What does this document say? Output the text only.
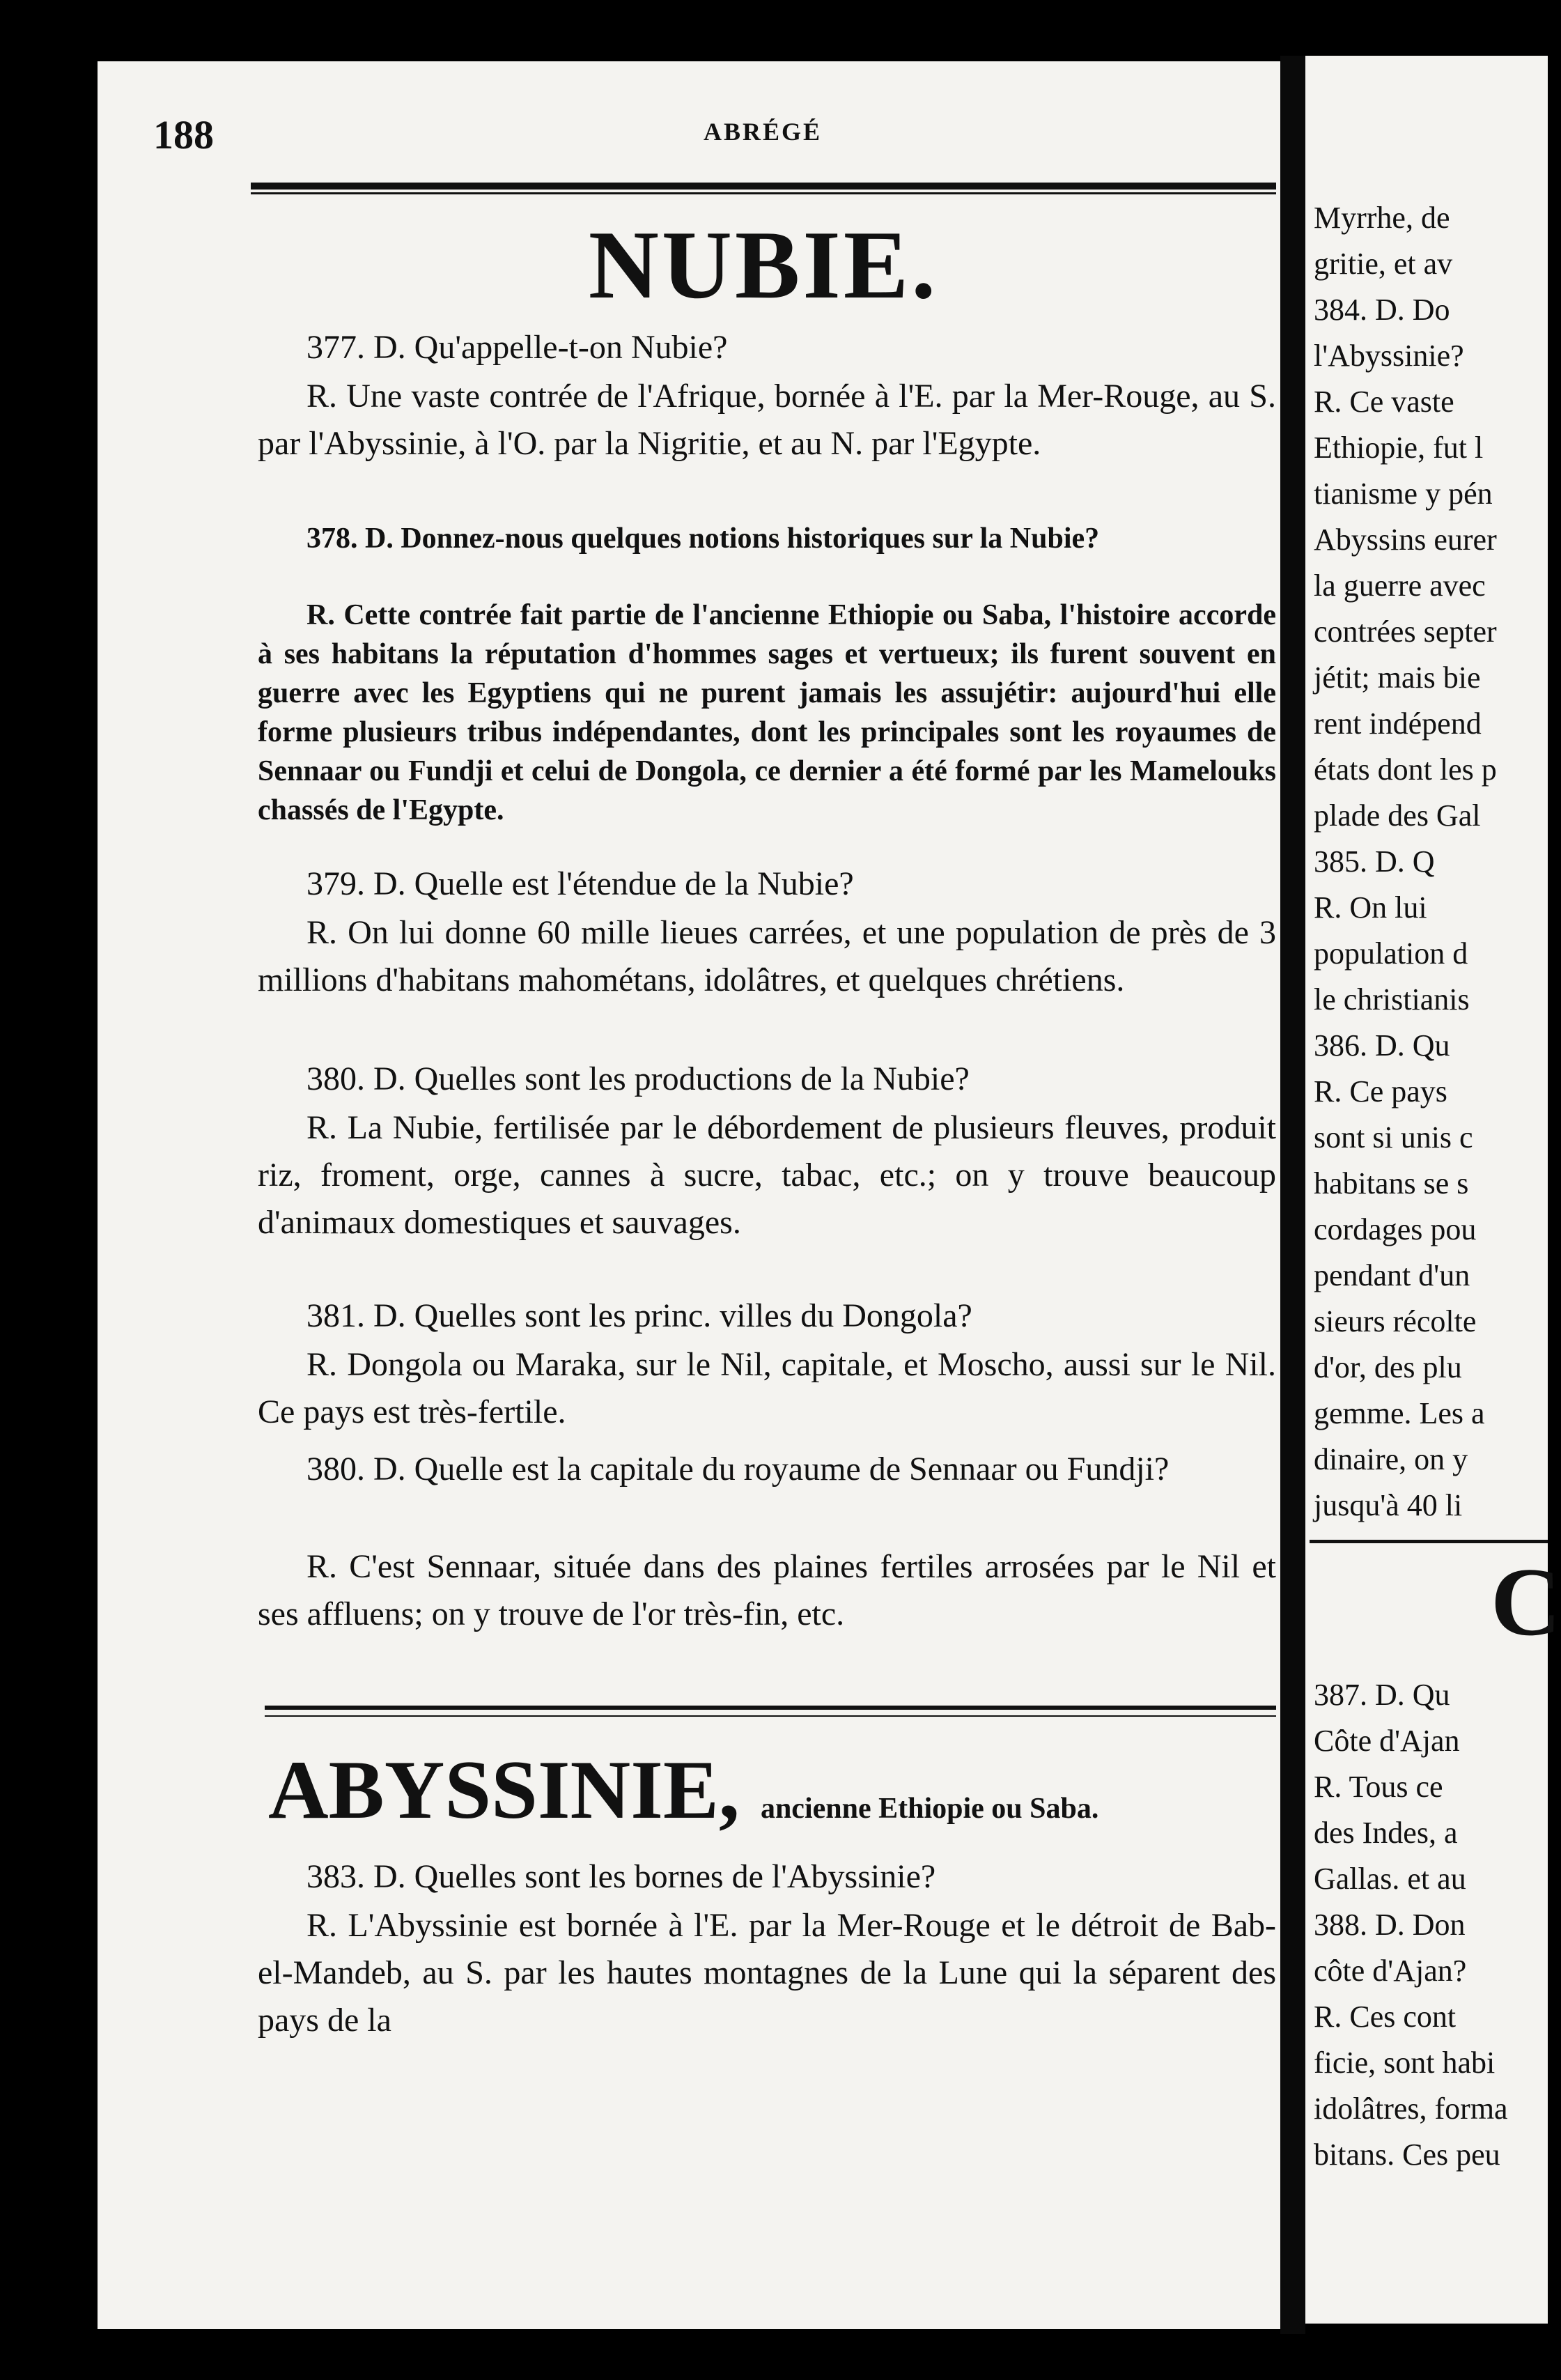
188	ABRÉGÉ
NUBIE.

377. D. Qu'appelle-t-on Nubie?

R. Une vaste contrée de l'Afrique, bornée à l'E. par la Mer-Rouge, au S. par l'Abyssinie, à l'O. par la Nigritie, et au N. par l'Egypte.

378. D. Donnez-nous quelques notions historiques sur la Nubie?

R. Cette contrée fait partie de l'ancienne Ethiopie ou Saba, l'histoire accorde à ses habitans la réputation d'hommes sages et vertueux; ils furent souvent en guerre avec les Egyptiens qui ne purent jamais les assujétir: aujourd'hui elle forme plusieurs tribus indépendantes, dont les principales sont les royaumes de Sennaar ou Fundji et celui de Dongola, ce dernier a été formé par les Mamelouks chassés de l'Egypte.

379. D. Quelle est l'étendue de la Nubie?

R. On lui donne 60 mille lieues carrées, et une population de près de 3 millions d'habitans mahométans, idolâtres, et quelques chrétiens.

380. D. Quelles sont les productions de la Nubie?

R. La Nubie, fertilisée par le débordement de plusieurs fleuves, produit riz, froment, orge, cannes à sucre, tabac, etc.; on y trouve beaucoup d'animaux domestiques et sauvages.

381. D. Quelles sont les princ. villes du Dongola?

R. Dongola ou Maraka, sur le Nil, capitale, et Moscho, aussi sur le Nil. Ce pays est très-fertile.

380. D. Quelle est la capitale du royaume de Sennaar ou Fundji?

R. C'est Sennaar, située dans des plaines fertiles arrosées par le Nil et ses affluens; on y trouve de l'or très-fin, etc.

ABYSSINIE, ancienne Ethiopie ou Saba.

383. D. Quelles sont les bornes de l'Abyssinie?

R. L'Abyssinie est bornée à l'E. par la Mer-Rouge et le détroit de Bab-el-Mandeb, au S. par les hautes montagnes de la Lune qui la séparent des pays de la

Myrrhe, de

gritie, et av

384. D. Do

l'Abyssinie?

R. Ce vaste

Ethiopie, fut l

tianisme y pén

Abyssins eurer

la guerre avec

contrées septer

jétit; mais bie

rent indépend

états dont les p

plade des Gal

385. D. Q

R. On lui

population d

le christianis

386. D. Qu

R. Ce pays

sont si unis c

habitans se s

cordages pou

pendant d'un

sieurs récolte

d'or, des plu

gemme. Les a

dinaire, on y

jusqu'à 40 li

C

387. D. Qu

Côte d'Ajan

R. Tous ce

des Indes, a

Gallas. et au

388. D. Don

côte d'Ajan?

R. Ces cont

ficie, sont habi

idolâtres, forma

bitans. Ces peu
